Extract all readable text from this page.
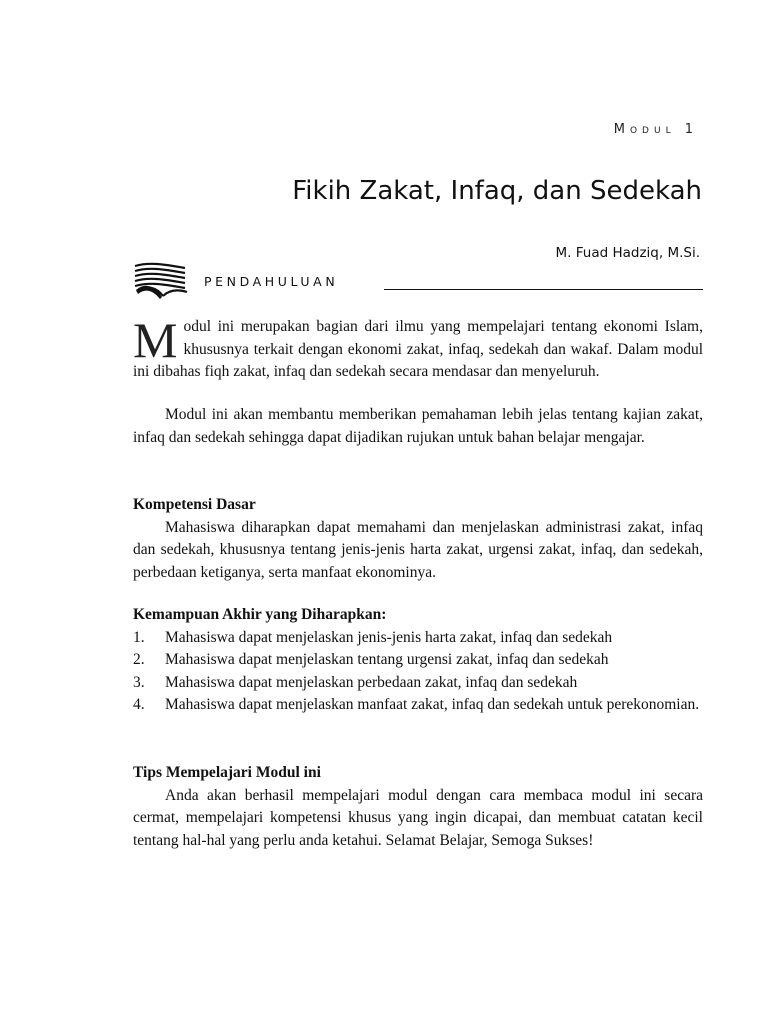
Modul 1
Fikih Zakat, Infaq, dan Sedekah
M. Fuad Hadziq, M.Si.
PENDAHULUAN
Modul ini merupakan bagian dari ilmu yang mempelajari tentang ekonomi Islam, khususnya terkait dengan ekonomi zakat, infaq, sedekah dan wakaf. Dalam modul ini dibahas fiqh zakat, infaq dan sedekah secara mendasar dan menyeluruh.

Modul ini akan membantu memberikan pemahaman lebih jelas tentang kajian zakat, infaq dan sedekah sehingga dapat dijadikan rujukan untuk bahan belajar mengajar.

Kompetensi Dasar

Mahasiswa diharapkan dapat memahami dan menjelaskan administrasi zakat, infaq dan sedekah, khususnya tentang jenis-jenis harta zakat, urgensi zakat, infaq, dan sedekah, perbedaan ketiganya, serta manfaat ekonominya.

Kemampuan Akhir yang Diharapkan:

1. Mahasiswa dapat menjelaskan jenis-jenis harta zakat, infaq dan sedekah
2. Mahasiswa dapat menjelaskan tentang urgensi zakat, infaq dan sedekah
3. Mahasiswa dapat menjelaskan perbedaan zakat, infaq dan sedekah
4. Mahasiswa dapat menjelaskan manfaat zakat, infaq dan sedekah untuk perekonomian.

Tips Mempelajari Modul ini

Anda akan berhasil mempelajari modul dengan cara membaca modul ini secara cermat, mempelajari kompetensi khusus yang ingin dicapai, dan membuat catatan kecil tentang hal-hal yang perlu anda ketahui. Selamat Belajar, Semoga Sukses!
